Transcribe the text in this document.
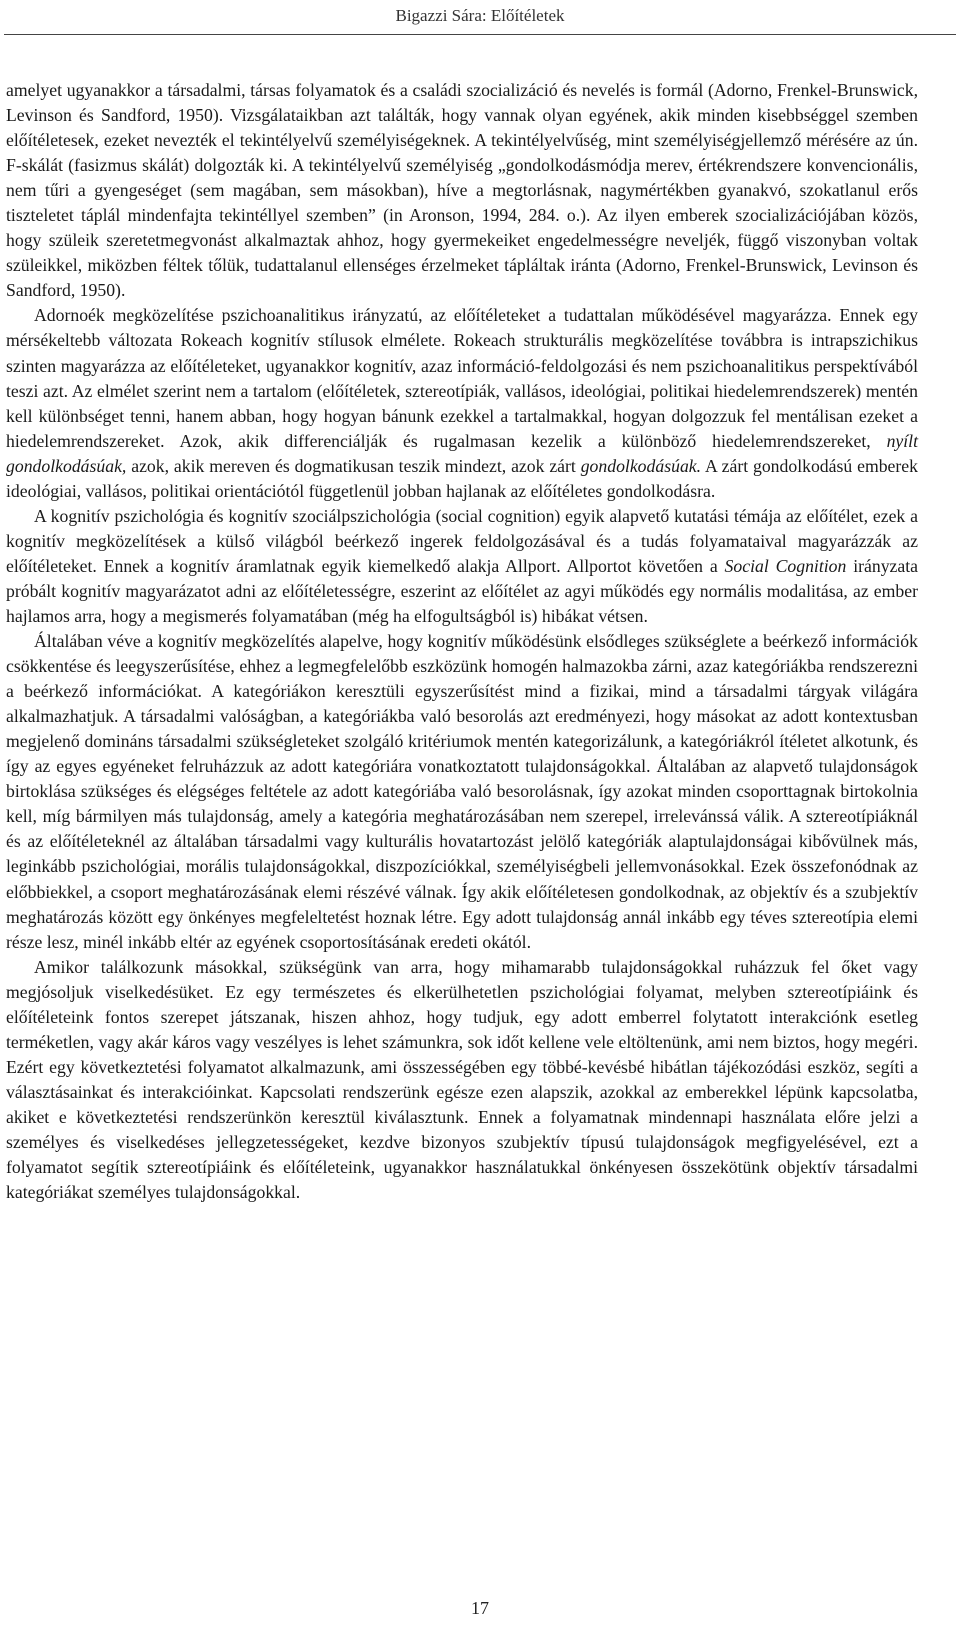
Bigazzi Sára: Előítéletek

amelyet ugyanakkor a társadalmi, társas folyamatok és a családi szocializáció és nevelés is formál (Adorno, Frenkel-Brunswick, Levinson és Sandford, 1950). Vizsgálataikban azt találták, hogy vannak olyan egyének, akik minden kisebbséggel szemben előítéletesek, ezeket nevezték el tekintélyelvű személyiségeknek. A tekintélyelvűség, mint személyiségjellemző mérésére az ún. F-skálát (fasizmus skálát) dolgozták ki. A tekintélyelvű személyiség „gondolkodásmódja merev, értékrendszere konvencionális, nem tűri a gyengeséget (sem magában, sem másokban), híve a megtorlásnak, nagymértékben gyanakvó, szokatlanul erős tiszteletet táplál mindenfajta tekintéllyel szemben” (in Aronson, 1994, 284. o.). Az ilyen emberek szocializációjában közös, hogy szüleik szeretetmegvonást alkalmaztak ahhoz, hogy gyermekeiket engedelmességre neveljék, függő viszonyban voltak szüleikkel, miközben féltek tőlük, tudattalanul ellenséges érzelmeket tápláltak iránta (Adorno, Frenkel-Brunswick, Levinson és Sandford, 1950).

Adornoék megközelítése pszichoanalitikus irányzatú, az előítéleteket a tudattalan működésével magyarázza. Ennek egy mérsékeltebb változata Rokeach kognitív stílusok elmélete. Rokeach strukturális megközelítése továbbra is intrapszichikus szinten magyarázza az előítéleteket, ugyanakkor kognitív, azaz információ-feldolgozási és nem pszichoanalitikus perspektívából teszi azt. Az elmélet szerint nem a tartalom (előítéletek, sztereotípiák, vallásos, ideológiai, politikai hiedelemrendszerek) mentén kell különbséget tenni, hanem abban, hogy hogyan bánunk ezekkel a tartalmakkal, hogyan dolgozzuk fel mentálisan ezeket a hiedelemrendszereket. Azok, akik differenciálják és rugalmasan kezelik a különböző hiedelemrendszereket, nyílt gondolkodásúak, azok, akik mereven és dogmatikusan teszik mindezt, azok zárt gondolkodásúak. A zárt gondolkodású emberek ideológiai, vallásos, politikai orientációtól függetlenül jobban hajlanak az előítéletes gondolkodásra.

A kognitív pszichológia és kognitív szociálpszichológia (social cognition) egyik alapvető kutatási témája az előítélet, ezek a kognitív megközelítések a külső világból beérkező ingerek feldolgozásával és a tudás folyamataival magyarázzák az előítéleteket. Ennek a kognitív áramlatnak egyik kiemelkedő alakja Allport. Allportot követően a Social Cognition irányzata próbált kognitív magyarázatot adni az előítéletességre, eszerint az előítélet az agyi működés egy normális modalitása, az ember hajlamos arra, hogy a megismerés folyamatában (még ha elfogultságból is) hibákat vétsen.

Általában véve a kognitív megközelítés alapelve, hogy kognitív működésünk elsődleges szükséglete a beérkező információk csökkentése és leegyszerűsítése, ehhez a legmegfelelőbb eszközünk homogén halmazokba zárni, azaz kategóriákba rendszerezni a beérkező információkat. A kategóriákon keresztüli egyszerűsítést mind a fizikai, mind a társadalmi tárgyak világára alkalmazhatjuk. A társadalmi valóságban, a kategóriákba való besorolás azt eredményezi, hogy másokat az adott kontextusban megjelenő domináns társadalmi szükségleteket szolgáló kritériumok mentén kategorizálunk, a kategóriákról ítéletet alkotunk, és így az egyes egyéneket felruházzuk az adott kategóriára vonatkoztatott tulajdonságokkal. Általában az alapvető tulajdonságok birtoklása szükséges és elégséges feltétele az adott kategóriába való besorolásnak, így azokat minden csoporttagnak birtokolnia kell, míg bármilyen más tulajdonság, amely a kategória meghatározásában nem szerepel, irrelevánssá válik. A sztereotípiáknál és az előítéleteknél az általában társadalmi vagy kulturális hovatartozást jelölő kategóriák alaptulajdonságai kibővülnek más, leginkább pszichológiai, morális tulajdonságokkal, diszpozíciókkal, személyiségbeli jellemvonásokkal. Ezek összefonódnak az előbbiekkel, a csoport meghatározásának elemi részévé válnak. Így akik előítéletesen gondolkodnak, az objektív és a szubjektív meghatározás között egy önkényes megfeleltetést hoznak létre. Egy adott tulajdonság annál inkább egy téves sztereotípia elemi része lesz, minél inkább eltér az egyének csoportosításának eredeti okától.

Amikor találkozunk másokkal, szükségünk van arra, hogy mihamarabb tulajdonságokkal ruházzuk fel őket vagy megjósoljuk viselkedésüket. Ez egy természetes és elkerülhetetlen pszichológiai folyamat, melyben sztereotípiáink és előítéleteink fontos szerepet játszanak, hiszen ahhoz, hogy tudjuk, egy adott emberrel folytatott interakciónk esetleg terméketlen, vagy akár káros vagy veszélyes is lehet számunkra, sok időt kellene vele eltöltenünk, ami nem biztos, hogy megéri. Ezért egy következtetési folyamatot alkalmazunk, ami összességében egy többé-kevésbé hibátlan tájékozódási eszköz, segíti a választásainkat és interakcióinkat. Kapcsolati rendszerünk egésze ezen alapszik, azokkal az emberekkel lépünk kapcsolatba, akiket e következtetési rendszerünkön keresztül kiválasztunk. Ennek a folyamatnak mindennapi használata előre jelzi a személyes és viselkedéses jellegzetességeket, kezdve bizonyos szubjektív típusú tulajdonságok megfigyelésével, ezt a folyamatot segítik sztereotípiáink és előítéleteink, ugyanakkor használatukkal önkényesen összekötünk objektív társadalmi kategóriákat személyes tulajdonságokkal.

17
